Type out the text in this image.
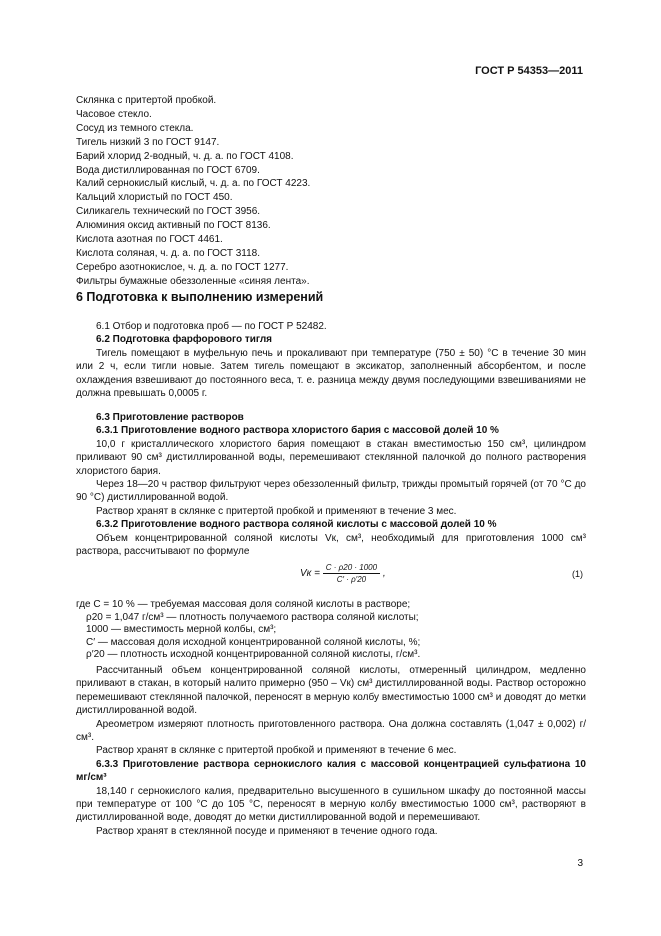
ГОСТ Р 54353—2011
Склянка с притертой пробкой.
Часовое стекло.
Сосуд из темного стекла.
Тигель низкий 3 по ГОСТ 9147.
Барий хлорид 2-водный, ч. д. а. по ГОСТ 4108.
Вода дистиллированная по ГОСТ 6709.
Калий сернокислый кислый, ч. д. а. по ГОСТ 4223.
Кальций хлористый по ГОСТ 450.
Силикагель технический по ГОСТ 3956.
Алюминия оксид активный по ГОСТ 8136.
Кислота азотная по ГОСТ 4461.
Кислота соляная, ч. д. а. по ГОСТ 3118.
Серебро азотнокислое, ч. д. а. по ГОСТ 1277.
Фильтры бумажные обеззоленные «синяя лента».
6 Подготовка к выполнению измерений

6.1 Отбор и подготовка проб — по ГОСТ Р 52482.

6.2 Подготовка фарфорового тигля

Тигель помещают в муфельную печь и прокаливают при температуре (750 ± 50) °С в течение 30 мин или 2 ч, если тигли новые. Затем тигель помещают в эксикатор, заполненный абсорбентом, и после охлаждения взвешивают до постоянного веса, т. е. разница между двумя последующими взвешиваниями не должна превышать 0,0005 г.

6.3 Приготовление растворов

6.3.1 Приготовление водного раствора хлористого бария с массовой долей 10 %

10,0 г кристаллического хлористого бария помещают в стакан вместимостью 150 см³, цилиндром приливают 90 см³ дистиллированной воды, перемешивают стеклянной палочкой до полного растворения хлористого бария.

Через 18—20 ч раствор фильтруют через обеззоленный фильтр, трижды промытый горячей (от 70 °С до 90 °С) дистиллированной водой.

Раствор хранят в склянке с притертой пробкой и применяют в течение 3 мес.

6.3.2 Приготовление водного раствора соляной кислоты с массовой долей 10 %

Объем концентрированной соляной кислоты Vк, см³, необходимый для приготовления 1000 см³ раствора, рассчитывают по формуле

Vк = $\frac{C \cdot \rho 20 \cdot 1000}{C' \cdot \rho'20}$ ,	(1)
где C = 10 % — требуемая массовая доля соляной кислоты в растворе;
ρ20 = 1,047 г/см³ — плотность получаемого раствора соляной кислоты;
1000 — вместимость мерной колбы, см³;
C′ — массовая доля исходной концентрированной соляной кислоты, %;
ρ′20 — плотность исходной концентрированной соляной кислоты, г/см³.

Рассчитанный объем концентрированной соляной кислоты, отмеренный цилиндром, медленно приливают в стакан, в который налито примерно (950 – Vк) см³ дистиллированной воды. Раствор осторожно перемешивают стеклянной палочкой, переносят в мерную колбу вместимостью 1000 см³ и доводят до метки дистиллированной водой.

Ареометром измеряют плотность приготовленного раствора. Она должна составлять (1,047 ± 0,002) г/см³.

Раствор хранят в склянке с притертой пробкой и применяют в течение 6 мес.

6.3.3 Приготовление раствора сернокислого калия с массовой концентрацией сульфатиона 10 мг/см³

18,140 г сернокислого калия, предварительно высушенного в сушильном шкафу до постоянной массы при температуре от 100 °С до 105 °С, переносят в мерную колбу вместимостью 1000 см³, растворяют в дистиллированной воде, доводят до метки дистиллированной водой и перемешивают.

Раствор хранят в стеклянной посуде и применяют в течение одного года.

3
